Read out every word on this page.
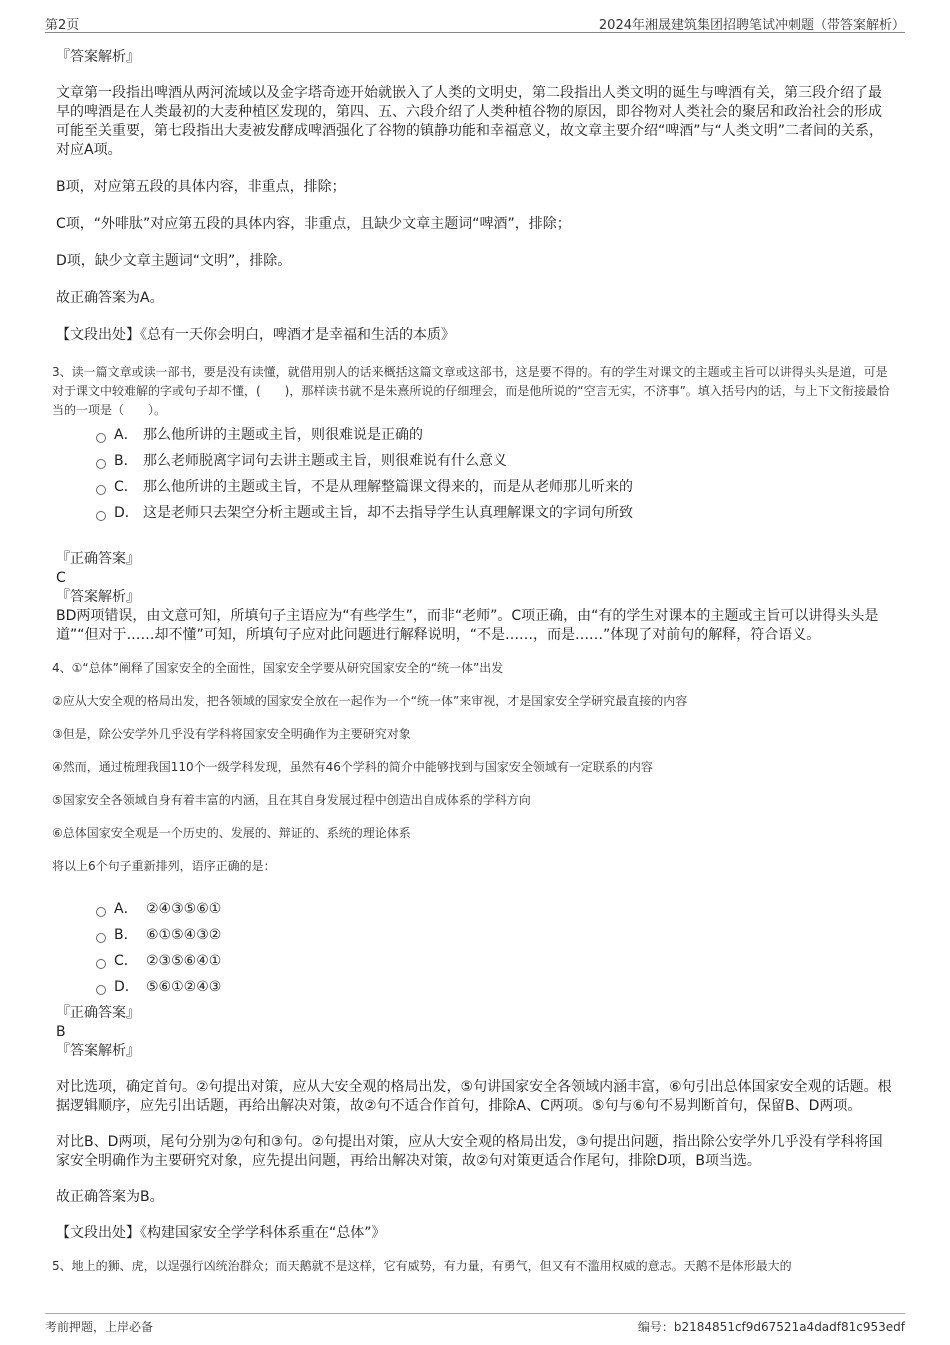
第2页	2024年湘晟建筑集团招聘笔试冲刺题（带答案解析）

『答案解析』

文章第一段指出啤酒从两河流域以及金字塔奇迹开始就嵌入了人类的文明史，第二段指出人类文明的诞生与啤酒有关，第三段介绍了最早的啤酒是在人类最初的大麦种植区发现的，第四、五、六段介绍了人类种植谷物的原因，即谷物对人类社会的聚居和政治社会的形成可能至关重要，第七段指出大麦被发酵成啤酒强化了谷物的镇静功能和幸福意义，故文章主要介绍“啤酒”与“人类文明”二者间的关系，对应A项。

B项，对应第五段的具体内容，非重点，排除；

C项，“外啡肽”对应第五段的具体内容，非重点，且缺少文章主题词“啤酒”，排除；

D项，缺少文章主题词“文明”，排除。

故正确答案为A。

【文段出处】《总有一天你会明白，啤酒才是幸福和生活的本质》

3、读一篇文章或读一部书，要是没有读懂，就借用别人的话来概括这篇文章或这部书，这是要不得的。有的学生对课文的主题或主旨可以讲得头头是道，可是对于课文中较难解的字或句子却不懂，(　　)，那样读书就不是朱熹所说的仔细理会，而是他所说的“空言无实，不济事”。填入括号内的话，与上下文衔接最恰当的一项是（　　）。

A． 那么他所讲的主题或主旨，则很难说是正确的
B． 那么老师脱离字词句去讲主题或主旨，则很难说有什么意义
C． 那么他所讲的主题或主旨，不是从理解整篇课文得来的，而是从老师那儿听来的
D． 这是老师只去架空分析主题或主旨，却不去指导学生认真理解课文的字词句所致

『正确答案』

C

『答案解析』

BD两项错误，由文意可知，所填句子主语应为“有些学生”，而非“老师”。C项正确，由“有的学生对课本的主题或主旨可以讲得头头是道”“但对于……却不懂”可知，所填句子应对此问题进行解释说明，“不是……，而是……”体现了对前句的解释，符合语义。

4、①“总体”阐释了国家安全的全面性，国家安全学要从研究国家安全的“统一体”出发

②应从大安全观的格局出发，把各领域的国家安全放在一起作为一个“统一体”来审视，才是国家安全学研究最直接的内容

③但是，除公安学外几乎没有学科将国家安全明确作为主要研究对象

④然而，通过梳理我国110个一级学科发现，虽然有46个学科的简介中能够找到与国家安全领域有一定联系的内容

⑤国家安全各领域自身有着丰富的内涵，且在其自身发展过程中创造出自成体系的学科方向

⑥总体国家安全观是一个历史的、发展的、辩证的、系统的理论体系

将以上6个句子重新排列，语序正确的是：

A． ②④③⑤⑥①
B． ⑥①⑤④③②
C． ②③⑤⑥④①
D． ⑤⑥①②④③

『正确答案』

B

『答案解析』

对比选项，确定首句。②句提出对策，应从大安全观的格局出发，⑤句讲国家安全各领域内涵丰富，⑥句引出总体国家安全观的话题。根据逻辑顺序，应先引出话题，再给出解决对策，故②句不适合作首句，排除A、C两项。⑤句与⑥句不易判断首句，保留B、D两项。

对比B、D两项，尾句分别为②句和③句。②句提出对策，应从大安全观的格局出发，③句提出问题，指出除公安学外几乎没有学科将国家安全明确作为主要研究对象，应先提出问题，再给出解决对策，故②句对策更适合作尾句，排除D项，B项当选。

故正确答案为B。

【文段出处】《构建国家安全学学科体系重在“总体”》

5、地上的狮、虎，以逞强行凶统治群众；而天鹅就不是这样，它有威势，有力量，有勇气，但又有不滥用权威的意志。天鹅不是体形最大的

考前押题，上岸必备	编号：b2184851cf9d67521a4dadf81c953edf
